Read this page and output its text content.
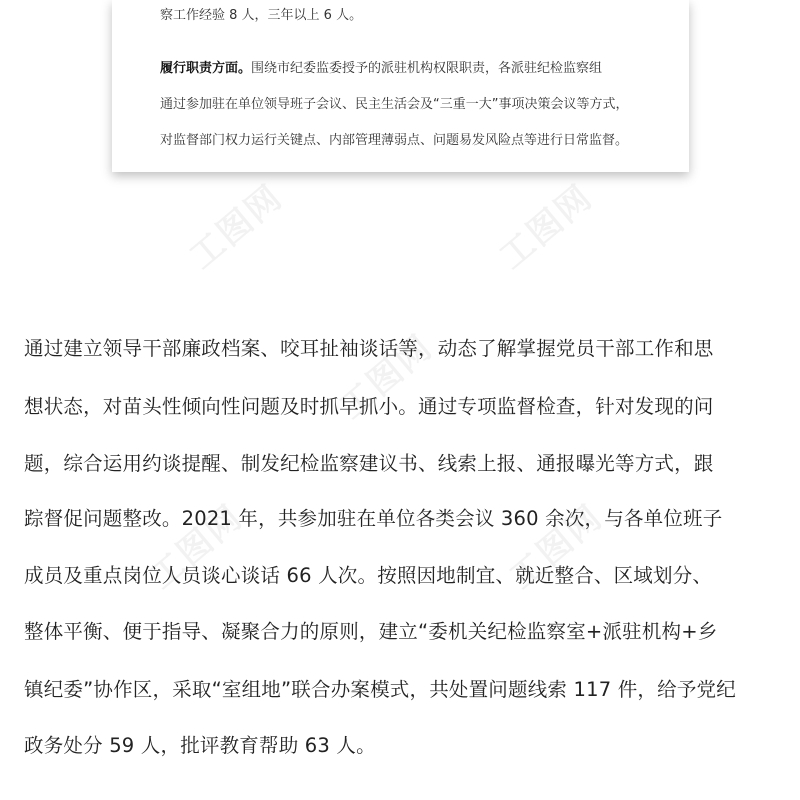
工图网	工图网
工图网
工图网	工图网
察工作经验 8 人，三年以上 6 人。
履行职责方面。围绕市纪委监委授予的派驻机构权限职责，各派驻纪检监察组
通过参加驻在单位领导班子会议、民主生活会及“三重一大”事项决策会议等方式，
对监督部门权力运行关键点、内部管理薄弱点、问题易发风险点等进行日常监督。
通过建立领导干部廉政档案、咬耳扯袖谈话等，动态了解掌握党员干部工作和思
想状态，对苗头性倾向性问题及时抓早抓小。通过专项监督检查，针对发现的问
题，综合运用约谈提醒、制发纪检监察建议书、线索上报、通报曝光等方式，跟
踪督促问题整改。2021 年，共参加驻在单位各类会议 360 余次，与各单位班子
成员及重点岗位人员谈心谈话 66 人次。按照因地制宜、就近整合、区域划分、
整体平衡、便于指导、凝聚合力的原则，建立“委机关纪检监察室+派驻机构+乡
镇纪委”协作区，采取“室组地”联合办案模式，共处置问题线索 117 件，给予党纪
政务处分 59 人，批评教育帮助 63 人。
